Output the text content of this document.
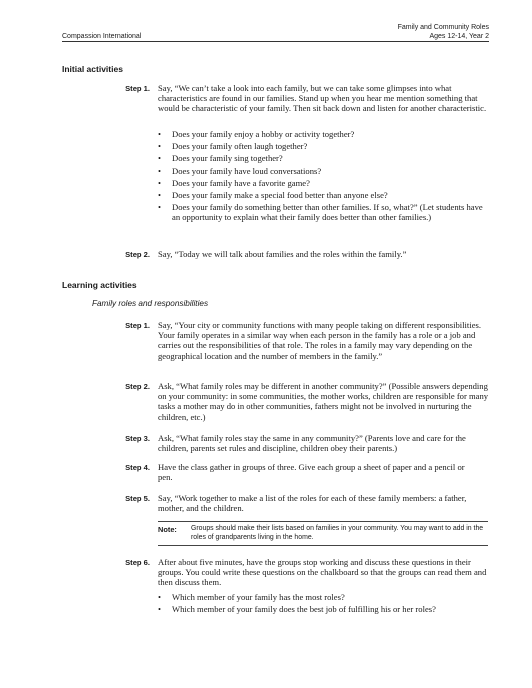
Compassion International
Family and Community Roles
Ages 12-14, Year 2
Initial activities
Step 1. Say, “We can’t take a look into each family, but we can take some glimpses into what characteristics are found in our families. Stand up when you hear me mention something that would be characteristic of your family. Then sit back down and listen for another characteristic.
• Does your family enjoy a hobby or activity together?
• Does your family often laugh together?
• Does your family sing together?
• Does your family have loud conversations?
• Does your family have a favorite game?
• Does your family make a special food better than anyone else?
• Does your family do something better than other families. If so, what?” (Let students have an opportunity to explain what their family does better than other families.)
Step 2. Say, “Today we will talk about families and the roles within the family.”
Learning activities
Family roles and responsibilities
Step 1. Say, “Your city or community functions with many people taking on different responsibilities. Your family operates in a similar way when each person in the family has a role or a job and carries out the responsibilities of that role. The roles in a family may vary depending on the geographical location and the number of members in the family.”
Step 2. Ask, “What family roles may be different in another community?” (Possible answers depending on your community: in some communities, the mother works, children are responsible for many tasks a mother may do in other communities, fathers might not be involved in nurturing the children, etc.)
Step 3. Ask, “What family roles stay the same in any community?” (Parents love and care for the children, parents set rules and discipline, children obey their parents.)
Step 4. Have the class gather in groups of three. Give each group a sheet of paper and a pencil or pen.
Step 5. Say, “Work together to make a list of the roles for each of these family members: a father, mother, and the children.
Note: Groups should make their lists based on families in your community. You may want to add in the roles of grandparents living in the home.
Step 6. After about five minutes, have the groups stop working and discuss these questions in their groups. You could write these questions on the chalkboard so that the groups can read them and then discuss them.
• Which member of your family has the most roles?
• Which member of your family does the best job of fulfilling his or her roles?
